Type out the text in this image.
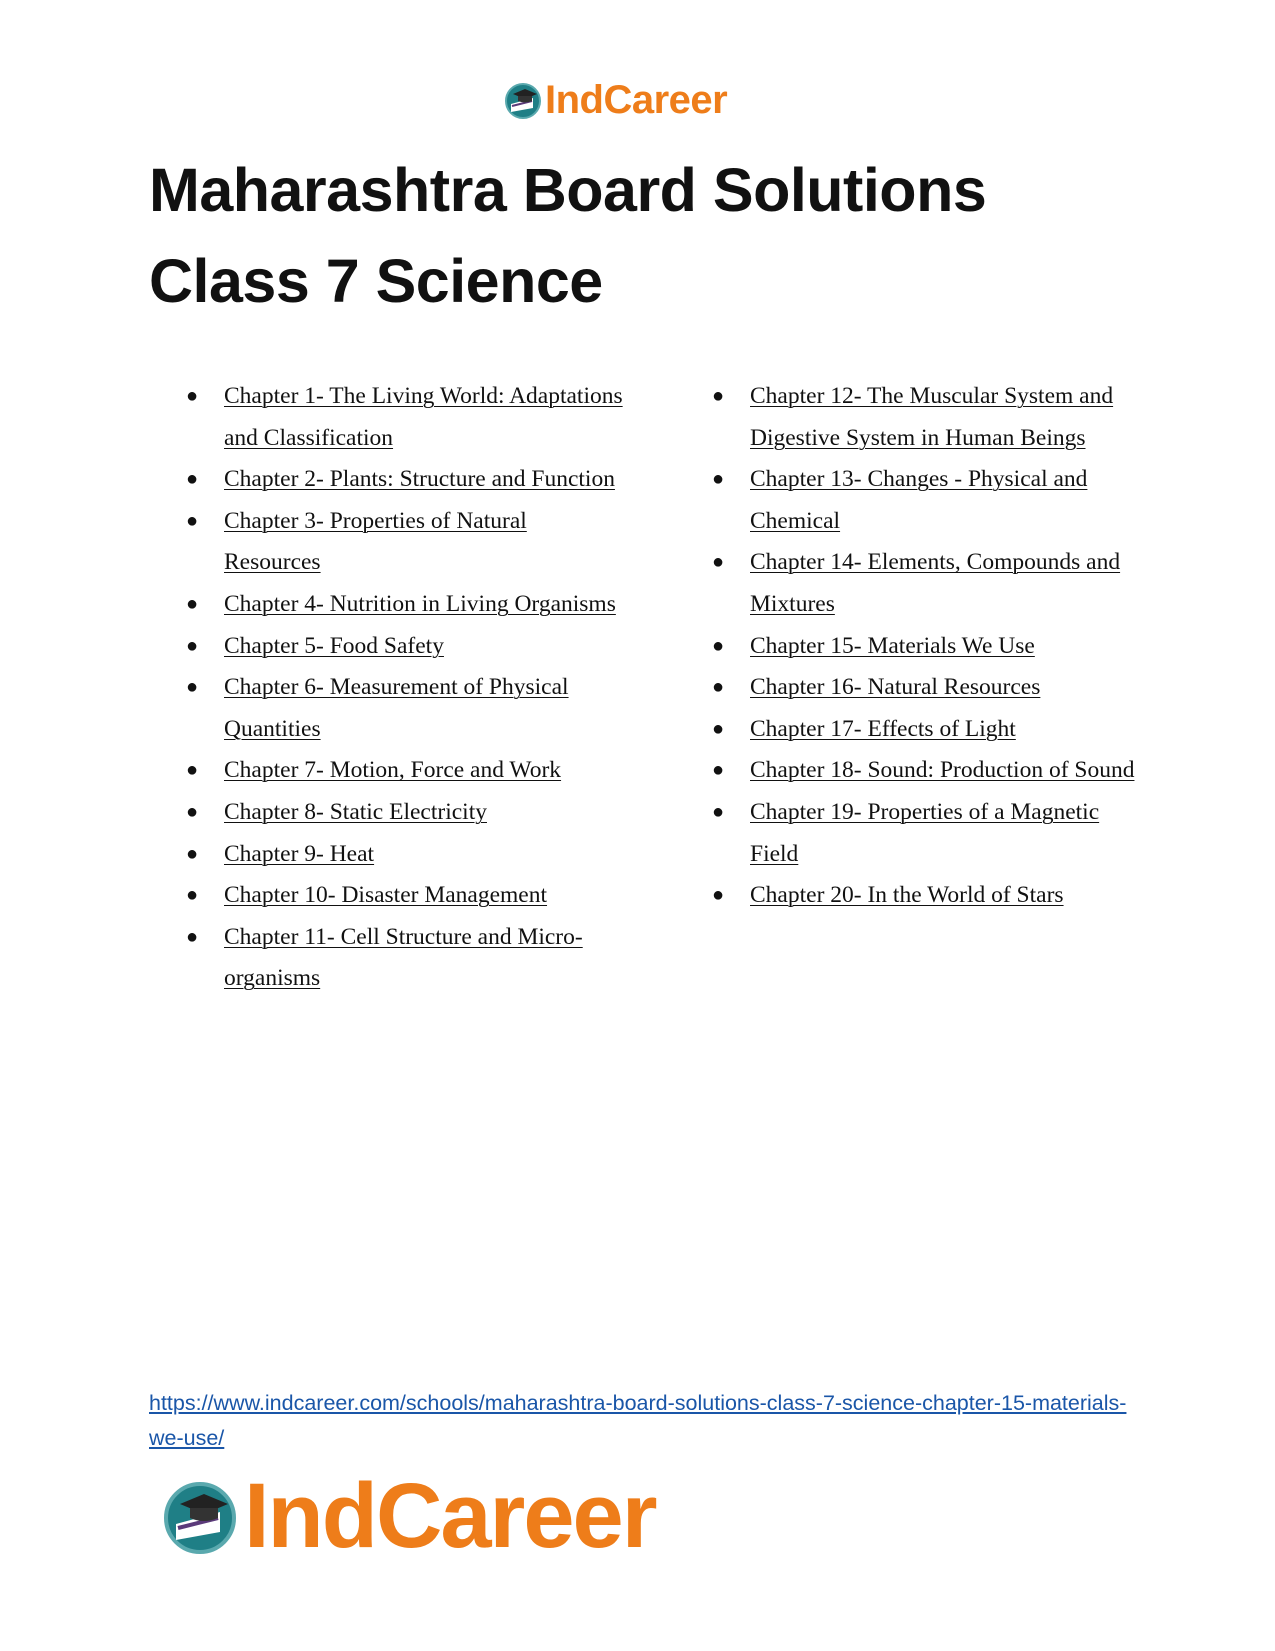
IndCareer
Maharashtra Board Solutions
Class 7 Science
● Chapter 1- The Living World: Adaptations and Classification
● Chapter 2- Plants: Structure and Function
● Chapter 3- Properties of Natural Resources
● Chapter 4- Nutrition in Living Organisms
● Chapter 5- Food Safety
● Chapter 6- Measurement of Physical Quantities
● Chapter 7- Motion, Force and Work
● Chapter 8- Static Electricity
● Chapter 9- Heat
● Chapter 10- Disaster Management
● Chapter 11- Cell Structure and Micro-organisms
● Chapter 12- The Muscular System and Digestive System in Human Beings
● Chapter 13- Changes - Physical and Chemical
● Chapter 14- Elements, Compounds and Mixtures
● Chapter 15- Materials We Use
● Chapter 16- Natural Resources
● Chapter 17- Effects of Light
● Chapter 18- Sound: Production of Sound
● Chapter 19- Properties of a Magnetic Field
● Chapter 20- In the World of Stars
https://www.indcareer.com/schools/maharashtra-board-solutions-class-7-science-chapter-15-materials-we-use/
IndCareer
